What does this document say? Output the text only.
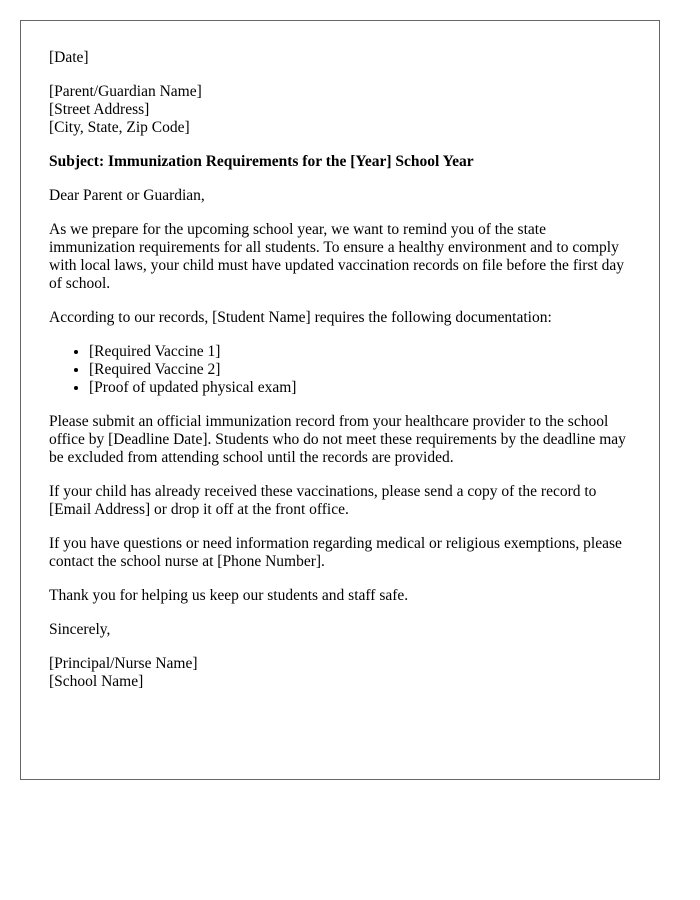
[Date]

[Parent/Guardian Name]
[Street Address]
[City, State, Zip Code]

Subject: Immunization Requirements for the [Year] School Year

Dear Parent or Guardian,

As we prepare for the upcoming school year, we want to remind you of the state immunization requirements for all students. To ensure a healthy environment and to comply with local laws, your child must have updated vaccination records on file before the first day of school.

According to our records, [Student Name] requires the following documentation:

• [Required Vaccine 1]
• [Required Vaccine 2]
• [Proof of updated physical exam]

Please submit an official immunization record from your healthcare provider to the school office by [Deadline Date]. Students who do not meet these requirements by the deadline may be excluded from attending school until the records are provided.

If your child has already received these vaccinations, please send a copy of the record to [Email Address] or drop it off at the front office.

If you have questions or need information regarding medical or religious exemptions, please contact the school nurse at [Phone Number].

Thank you for helping us keep our students and staff safe.

Sincerely,

[Principal/Nurse Name]
[School Name]
